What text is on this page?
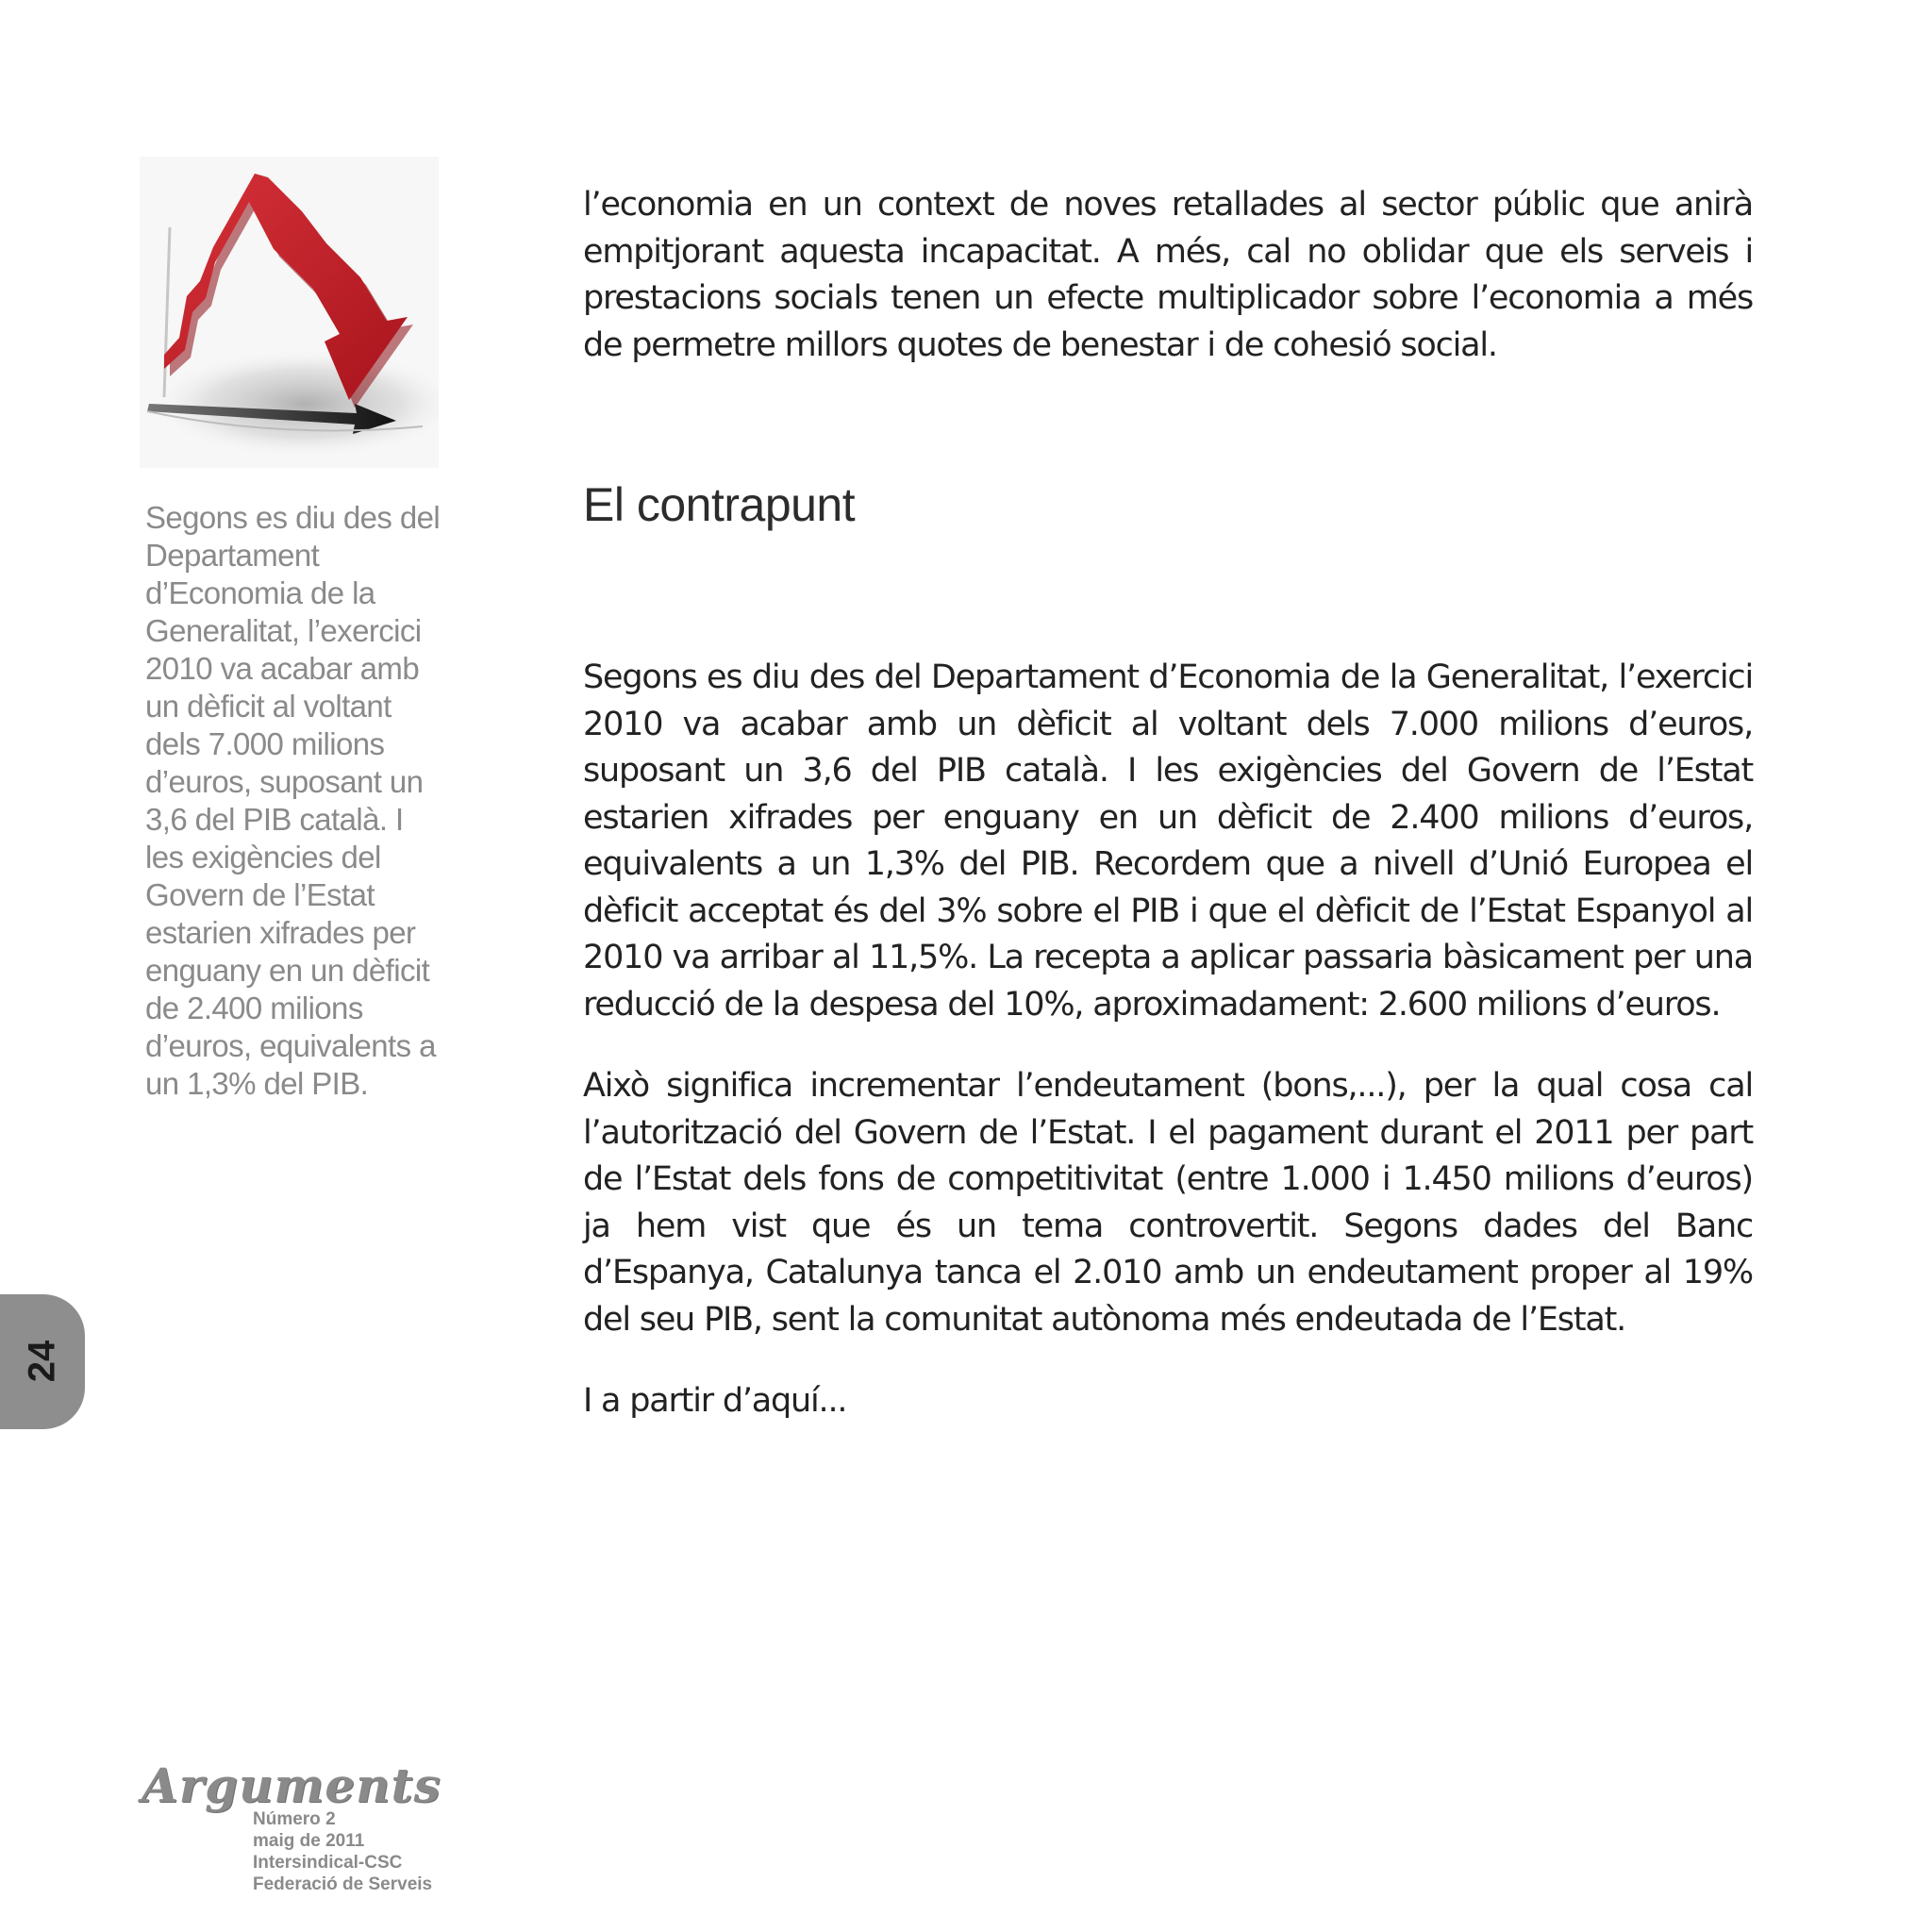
l’economia en un context de noves retallades al sector públic que anirà empitjorant aquesta incapacitat. A més, cal no oblidar que els serveis i prestacions socials tenen un efecte multiplicador sobre l’economia a més de permetre millors quotes de benestar i de cohesió social.

El contrapunt

Segons es diu des del Departament d’Economia de la Generalitat, l’exercici 2010 va acabar amb un dèficit al voltant dels 7.000 milions d’euros, suposant un 3,6 del PIB català. I les exigències del Govern de l’Estat estarien xifrades per enguany en un dèficit de 2.400 milions d’euros, equivalents a un 1,3% del PIB. Recordem que a nivell d’Unió Europea el dèficit acceptat és del 3% sobre el PIB i que el dèficit de l’Estat Espanyol al 2010 va arribar al 11,5%. La recepta a aplicar passaria bàsicament per una reducció de la despesa del 10%, aproximadament: 2.600 milions d’euros.

Això significa incrementar l’endeutament (bons,...), per la qual cosa cal l’autorització del Govern de l’Estat. I el pagament durant el 2011 per part de l’Estat dels fons de competitivitat (entre 1.000 i 1.450 milions d’euros) ja hem vist que és un tema controvertit. Segons dades del Banc d’Espanya, Catalunya tanca el 2.010 amb un endeutament proper al 19% del seu PIB, sent la comunitat autònoma més endeutada de l’Estat.

I a partir d’aquí...

Segons es diu des del Departament d’Economia de la Generalitat, l’exercici 2010 va acabar amb un dèficit al voltant dels 7.000 milions d’euros, suposant un 3,6 del PIB català. I les exigències del Govern de l’Estat estarien xifrades per enguany en un dèficit de 2.400 milions d’euros, equivalents a un 1,3% del PIB.
24
Arguments
Número 2
maig de 2011
Intersindical-CSC
Federació de Serveis
